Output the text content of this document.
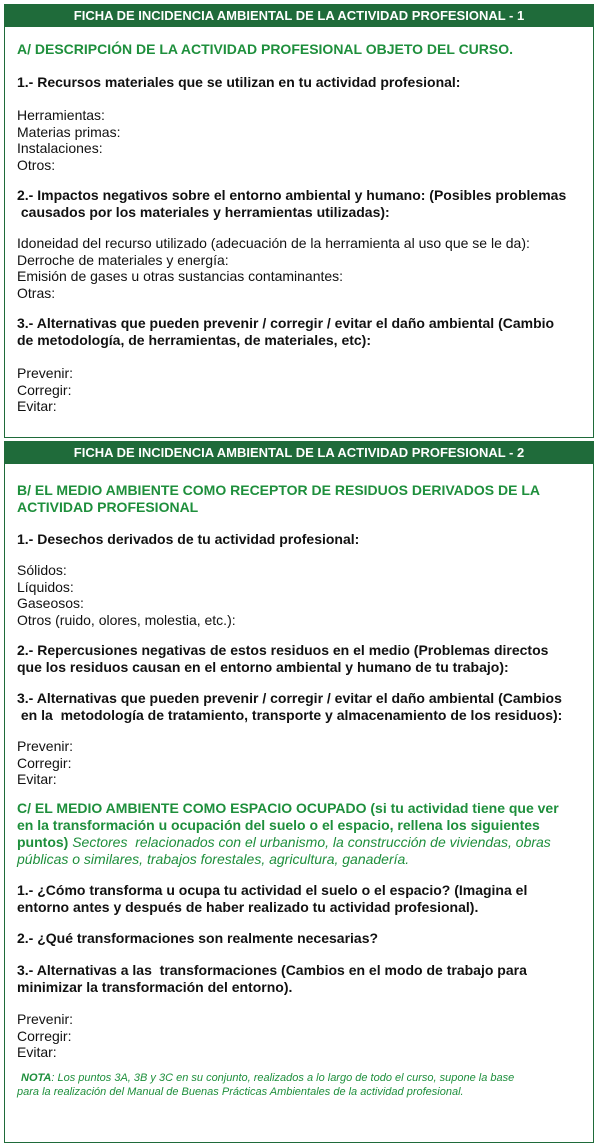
FICHA DE INCIDENCIA AMBIENTAL DE LA ACTIVIDAD PROFESIONAL - 1

A/ DESCRIPCIÓN DE LA ACTIVIDAD PROFESIONAL OBJETO DEL CURSO.

1.- Recursos materiales que se utilizan en tu actividad profesional:

Herramientas:

Materias primas:

Instalaciones:

Otros:

2.- Impactos negativos sobre el entorno ambiental y humano: (Posibles problemas

causados por los materiales y herramientas utilizadas):

Idoneidad del recurso utilizado (adecuación de la herramienta al uso que se le da):

Derroche de materiales y energía:

Emisión de gases u otras sustancias contaminantes:

Otras:

3.- Alternativas que pueden prevenir / corregir / evitar el daño ambiental (Cambio

de metodología, de herramientas, de materiales, etc):

Prevenir:

Corregir:

Evitar:

FICHA DE INCIDENCIA AMBIENTAL DE LA ACTIVIDAD PROFESIONAL - 2

B/ EL MEDIO AMBIENTE COMO RECEPTOR DE RESIDUOS DERIVADOS DE LA

ACTIVIDAD PROFESIONAL

1.- Desechos derivados de tu actividad profesional:

Sólidos:

Líquidos:

Gaseosos:

Otros (ruido, olores, molestia, etc.):

2.- Repercusiones negativas de estos residuos en el medio (Problemas directos

que los residuos causan en el entorno ambiental y humano de tu trabajo):

3.- Alternativas que pueden prevenir / corregir / evitar el daño ambiental (Cambios

en la  metodología de tratamiento, transporte y almacenamiento de los residuos):

Prevenir:

Corregir:

Evitar:

C/ EL MEDIO AMBIENTE COMO ESPACIO OCUPADO (si tu actividad tiene que ver

en la transformación u ocupación del suelo o el espacio, rellena los siguientes

puntos) Sectores  relacionados con el urbanismo, la construcción de viviendas, obras

públicas o similares, trabajos forestales, agricultura, ganadería.

1.- ¿Cómo transforma u ocupa tu actividad el suelo o el espacio? (Imagina el

entorno antes y después de haber realizado tu actividad profesional).

2.- ¿Qué transformaciones son realmente necesarias?

3.- Alternativas a las  transformaciones (Cambios en el modo de trabajo para

minimizar la transformación del entorno).

Prevenir:

Corregir:

Evitar:

NOTA: Los puntos 3A, 3B y 3C en su conjunto, realizados a lo largo de todo el curso, supone la base

para la realización del Manual de Buenas Prácticas Ambientales de la actividad profesional.
